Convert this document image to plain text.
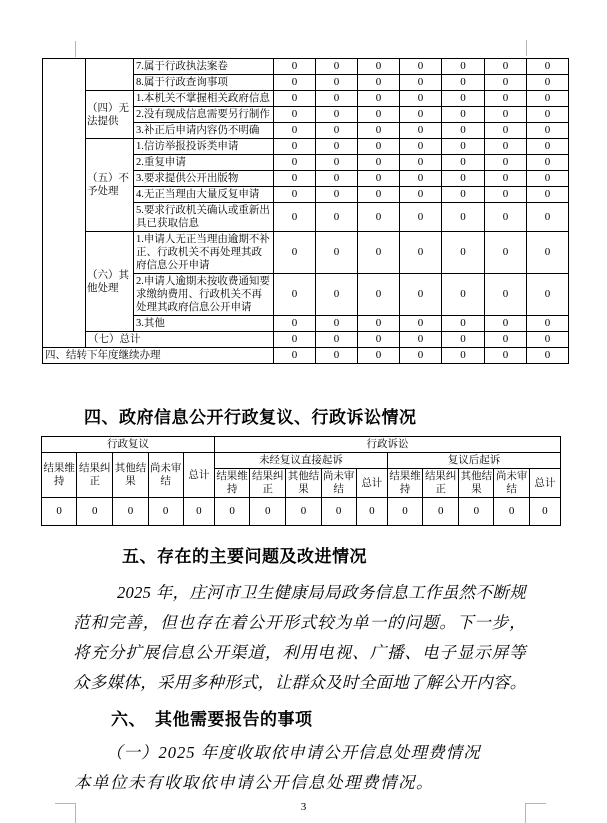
		7.属于行政执法案卷	0	0	0	0	0	0	0
		8.属于行政查询事项	0	0	0	0	0	0	0
	（四）无法提供	1.本机关不掌握相关政府信息	0	0	0	0	0	0	0
		2.没有现成信息需要另行制作	0	0	0	0	0	0	0
		3.补正后申请内容仍不明确	0	0	0	0	0	0	0
	（五）不予处理	1.信访举报投诉类申请	0	0	0	0	0	0	0
		2.重复申请	0	0	0	0	0	0	0
		3.要求提供公开出版物	0	0	0	0	0	0	0
		4.无正当理由大量反复申请	0	0	0	0	0	0	0
		5.要求行政机关确认或重新出具已获取信息	0	0	0	0	0	0	0
	（六）其他处理	1.申请人无正当理由逾期不补正、行政机关不再处理其政府信息公开申请	0	0	0	0	0	0	0
		2.申请人逾期未按收费通知要求缴纳费用、行政机关不再处理其政府信息公开申请	0	0	0	0	0	0	0
		3.其他	0	0	0	0	0	0	0
	（七）总计		0	0	0	0	0	0	0
四、结转下年度继续办理			0	0	0	0	0	0	0
四、政府信息公开行政复议、行政诉讼情况
行政复议					行政诉讼									
结果维持	结果纠正	其他结果	尚未审结	总计	未经复议直接起诉					复议后起诉				
					结果维持	结果纠正	其他结果	尚未审结	总计	结果维持	结果纠正	其他结果	尚未审结	总计
0	0	0	0	0	0	0	0	0	0	0	0	0	0	0
五、存在的主要问题及改进情况
2025 年，庄河市卫生健康局局政务信息工作虽然不断规
范和完善，但也存在着公开形式较为单一的问题。下一步，
将充分扩展信息公开渠道，利用电视、广播、电子显示屏等
众多媒体，采用多种形式，让群众及时全面地了解公开内容。
六、　其他需要报告的事项
（一）2025 年度收取依申请公开信息处理费情况
本单位未有收取依申请公开信息处理费情况。
3
